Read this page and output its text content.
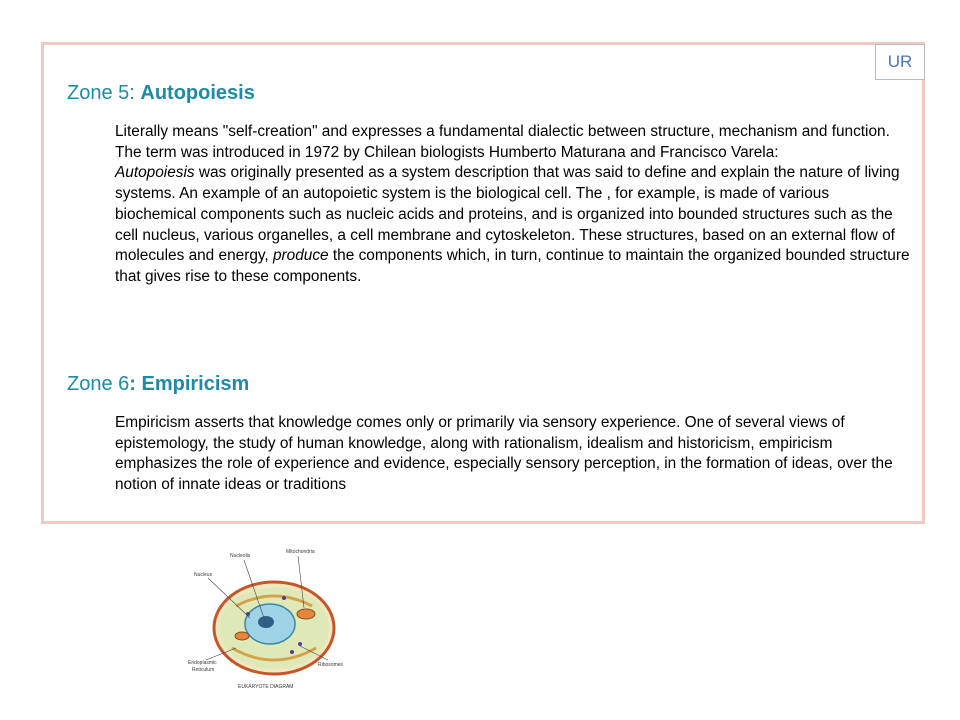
UR
Zone 5: Autopoiesis

Literally means "self-creation" and expresses a fundamental dialectic between structure, mechanism and function. The term was introduced in 1972 by Chilean biologists Humberto Maturana and Francisco Varela:

Autopoiesis was originally presented as a system description that was said to define and explain the nature of living systems. An example of an autopoietic system is the biological cell. The , for example, is made of various biochemical components such as nucleic acids and proteins, and is organized into bounded structures such as the cell nucleus, various organelles, a cell membrane and cytoskeleton. These structures, based on an external flow of molecules and energy, produce the components which, in turn, continue to maintain the organized bounded structure that gives rise to these components.

Zone 6: Empiricism

Empiricism asserts that knowledge comes only or primarily via sensory experience. One of several views of epistemology, the study of human knowledge, along with rationalism, idealism and historicism, empiricism emphasizes the role of experience and evidence, especially sensory perception, in the formation of ideas, over the notion of innate ideas or traditions

Nucleolis
Mitochondria
Nucleus
Endoplasmic
Reticulum
Ribosomes
EUKARYOTE DIAGRAM
